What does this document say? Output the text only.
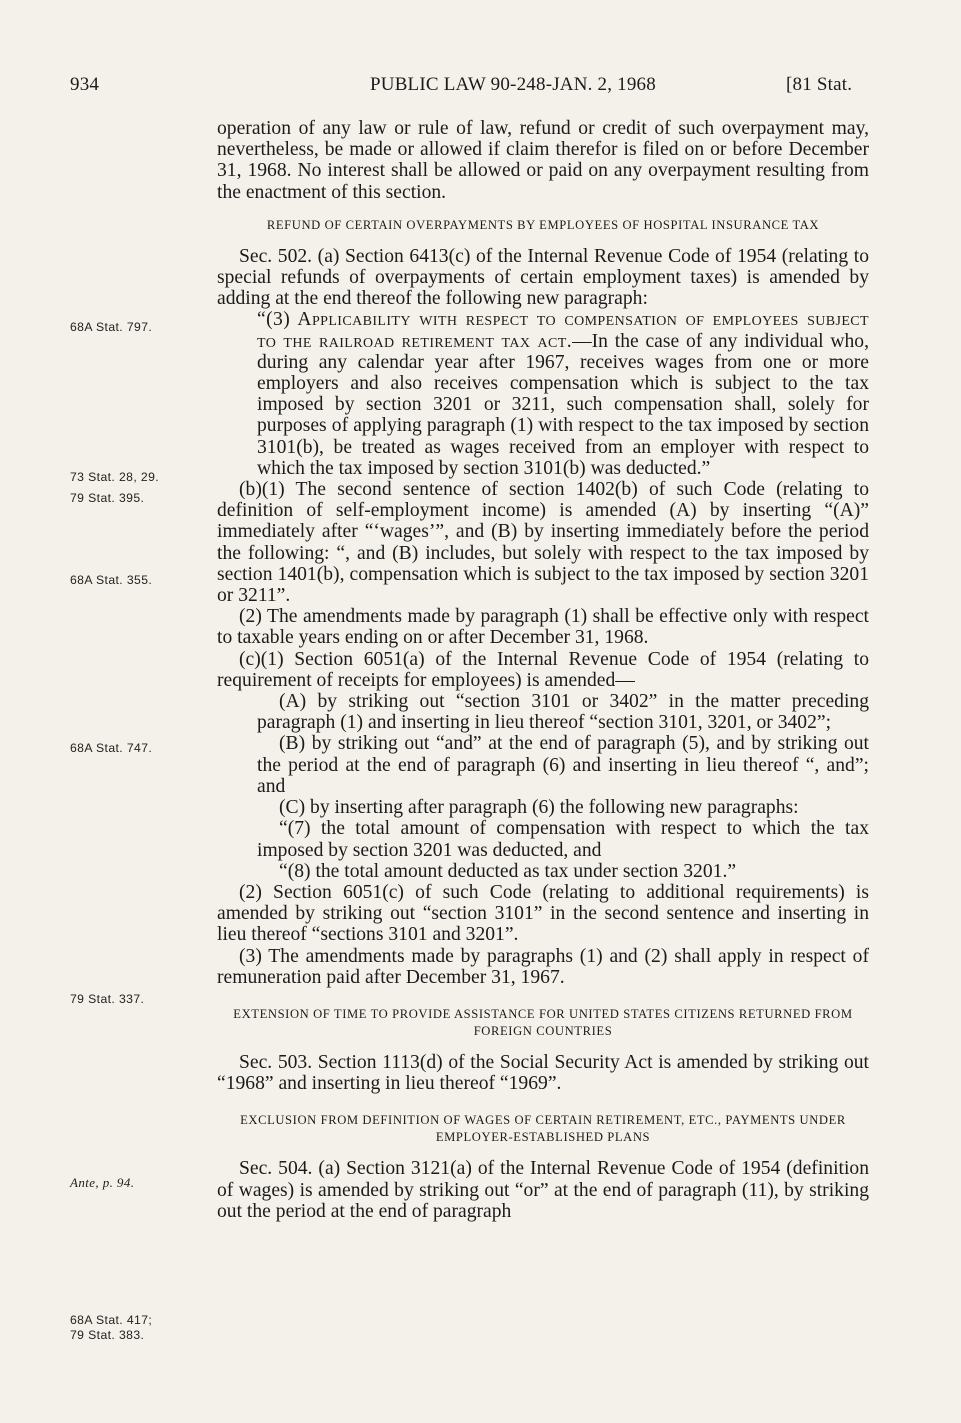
934	PUBLIC LAW 90-248-JAN. 2, 1968	[81 Stat.
68A Stat. 797.
73 Stat. 28, 29.
79 Stat. 395.
68A Stat. 355.
68A Stat. 747.
79 Stat. 337.
Ante, p. 94.
68A Stat. 417;
79 Stat. 383.

operation of any law or rule of law, refund or credit of such overpayment may, nevertheless, be made or allowed if claim therefor is filed on or before December 31, 1968. No interest shall be allowed or paid on any overpayment resulting from the enactment of this section.

REFUND OF CERTAIN OVERPAYMENTS BY EMPLOYEES OF HOSPITAL INSURANCE TAX

Sec. 502. (a) Section 6413(c) of the Internal Revenue Code of 1954 (relating to special refunds of overpayments of certain employment taxes) is amended by adding at the end thereof the following new paragraph:

“(3) Applicability with respect to compensation of employees subject to the railroad retirement tax act.—In the case of any individual who, during any calendar year after 1967, receives wages from one or more employers and also receives compensation which is subject to the tax imposed by section 3201 or 3211, such compensation shall, solely for purposes of applying paragraph (1) with respect to the tax imposed by section 3101(b), be treated as wages received from an employer with respect to which the tax imposed by section 3101(b) was deducted.”

(b)(1) The second sentence of section 1402(b) of such Code (relating to definition of self-employment income) is amended (A) by inserting “(A)” immediately after “‘wages’”, and (B) by inserting immediately before the period the following: “, and (B) includes, but solely with respect to the tax imposed by section 1401(b), compensation which is subject to the tax imposed by section 3201 or 3211”.

(2) The amendments made by paragraph (1) shall be effective only with respect to taxable years ending on or after December 31, 1968.

(c)(1) Section 6051(a) of the Internal Revenue Code of 1954 (relating to requirement of receipts for employees) is amended—

(A) by striking out “section 3101 or 3402” in the matter preceding paragraph (1) and inserting in lieu thereof “section 3101, 3201, or 3402”;

(B) by striking out “and” at the end of paragraph (5), and by striking out the period at the end of paragraph (6) and inserting in lieu thereof “, and”; and

(C) by inserting after paragraph (6) the following new paragraphs:

“(7) the total amount of compensation with respect to which the tax imposed by section 3201 was deducted, and

“(8) the total amount deducted as tax under section 3201.”

(2) Section 6051(c) of such Code (relating to additional requirements) is amended by striking out “section 3101” in the second sentence and inserting in lieu thereof “sections 3101 and 3201”.

(3) The amendments made by paragraphs (1) and (2) shall apply in respect of remuneration paid after December 31, 1967.

EXTENSION OF TIME TO PROVIDE ASSISTANCE FOR UNITED STATES CITIZENS RETURNED FROM FOREIGN COUNTRIES

Sec. 503. Section 1113(d) of the Social Security Act is amended by striking out “1968” and inserting in lieu thereof “1969”.

EXCLUSION FROM DEFINITION OF WAGES OF CERTAIN RETIREMENT, ETC., PAYMENTS UNDER EMPLOYER-ESTABLISHED PLANS

Sec. 504. (a) Section 3121(a) of the Internal Revenue Code of 1954 (definition of wages) is amended by striking out “or” at the end of paragraph (11), by striking out the period at the end of paragraph
